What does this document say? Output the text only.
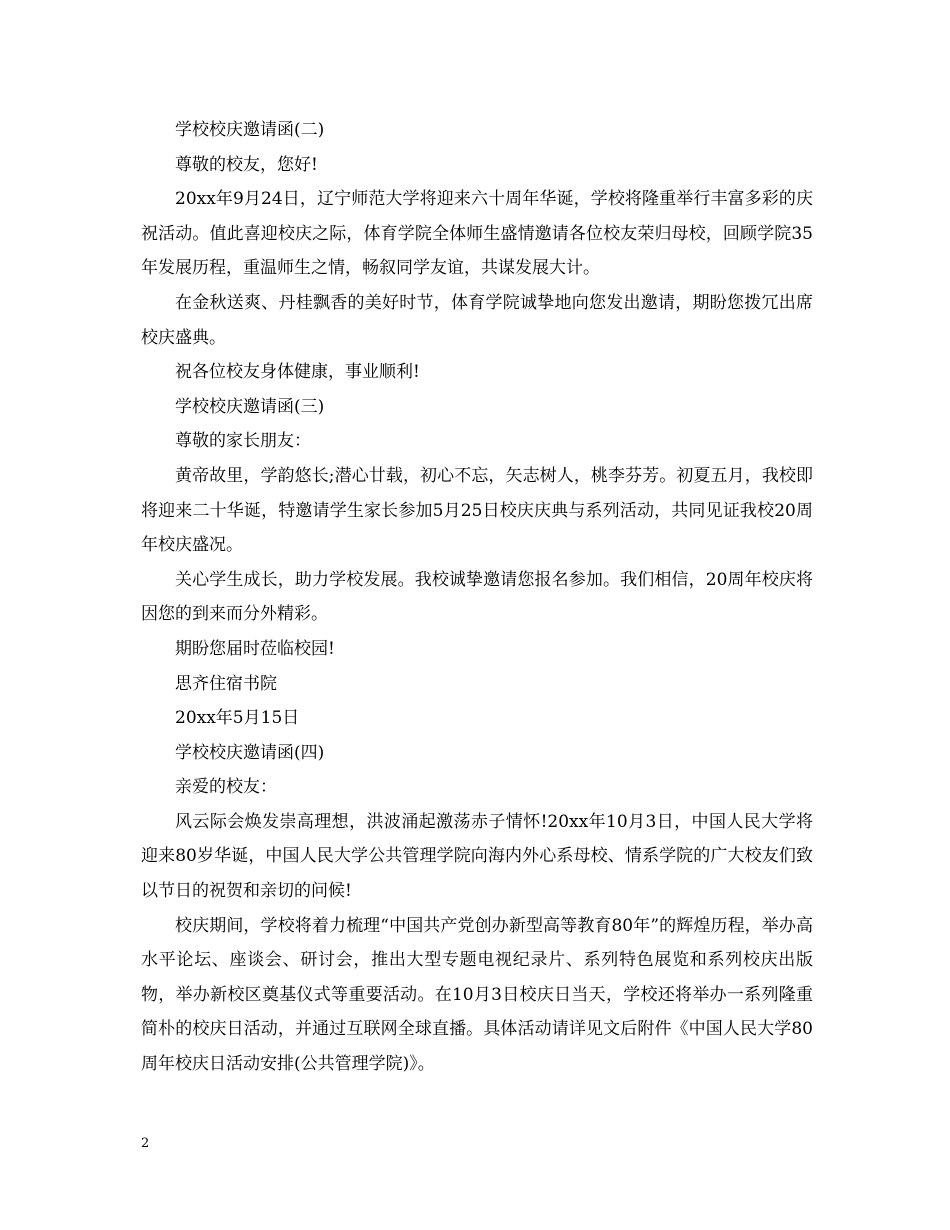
学校校庆邀请函(二)

尊敬的校友，您好!

20xx年9月24日，辽宁师范大学将迎来六十周年华诞，学校将隆重举行丰富多彩的庆祝活动。值此喜迎校庆之际，体育学院全体师生盛情邀请各位校友荣归母校，回顾学院35年发展历程，重温师生之情，畅叙同学友谊，共谋发展大计。

在金秋送爽、丹桂飘香的美好时节，体育学院诚挚地向您发出邀请，期盼您拨冗出席校庆盛典。

祝各位校友身体健康，事业顺利!

学校校庆邀请函(三)

尊敬的家长朋友：

黄帝故里，学韵悠长;潜心廿载，初心不忘，矢志树人，桃李芬芳。初夏五月，我校即将迎来二十华诞，特邀请学生家长参加5月25日校庆庆典与系列活动，共同见证我校20周年校庆盛况。

关心学生成长，助力学校发展。我校诚挚邀请您报名参加。我们相信，20周年校庆将因您的到来而分外精彩。

期盼您届时莅临校园!

思齐住宿书院

20xx年5月15日

学校校庆邀请函(四)

亲爱的校友：

风云际会焕发崇高理想，洪波涌起激荡赤子情怀!20xx年10月3日，中国人民大学将迎来80岁华诞，中国人民大学公共管理学院向海内外心系母校、情系学院的广大校友们致以节日的祝贺和亲切的问候!

校庆期间，学校将着力梳理“中国共产党创办新型高等教育80年”的辉煌历程，举办高水平论坛、座谈会、研讨会，推出大型专题电视纪录片、系列特色展览和系列校庆出版物，举办新校区奠基仪式等重要活动。在10月3日校庆日当天，学校还将举办一系列隆重简朴的校庆日活动，并通过互联网全球直播。具体活动请详见文后附件《中国人民大学80周年校庆日活动安排(公共管理学院)》。

2
